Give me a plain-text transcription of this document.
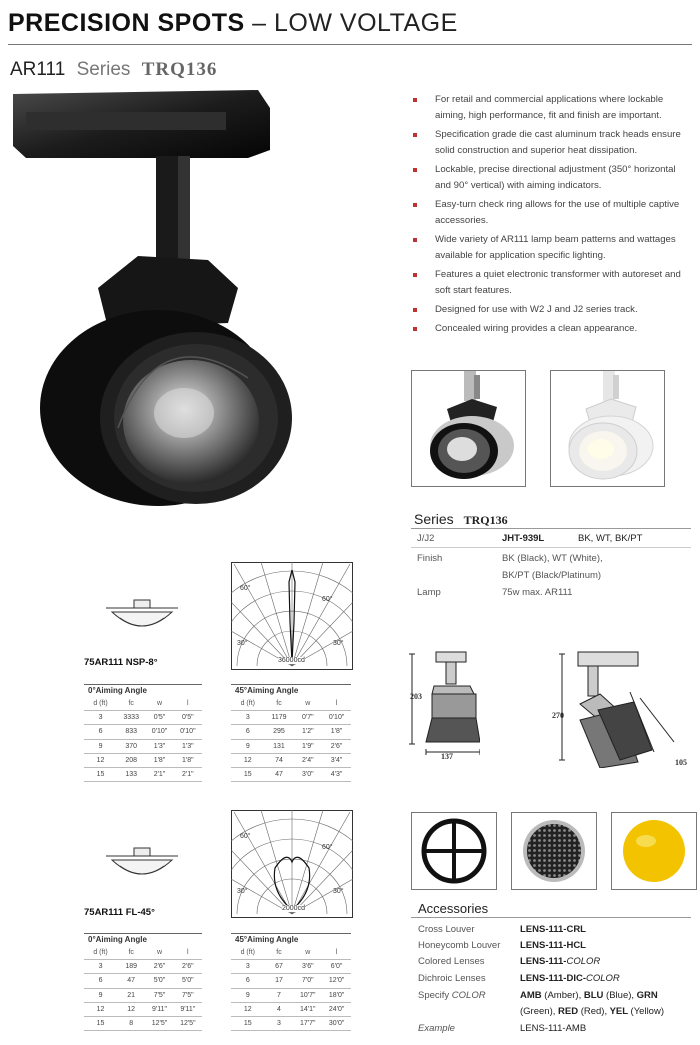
PRECISION SPOTS – LOW VOLTAGE
AR111 Series TRQ136
For retail and commercial applications where lockable aiming, high performance, fit and finish are important.
Specification grade die cast aluminum track heads ensure solid construction and superior heat dissipation.
Lockable, precise directional adjustment (350° horizontal and 90° vertical) with aiming indicators.
Easy-turn check ring allows for the use of multiple captive accessories.
Wide variety of AR111 lamp beam patterns and wattages available for application specific lighting.
Features a quiet electronic transformer with autoreset and soft start features.
Designed for use with W2 J and J2 series track.
Concealed wiring provides a clean appearance.
Series TRQ136
J/J2	JHT-939L	BK, WT, BK/PT
Finish	BK (Black), WT (White),
BK/PT (Black/Platinum)
Lamp	75w max. AR111
203
137
270
105
60°
60°
30°	30°
36000cd
75AR111 NSP-8°
0°Aiming Angle
d (ft)	fc	w	l
3	3333	0'5"	0'5"
6	833	0'10"	0'10"
9	370	1'3"	1'3"
12	208	1'8"	1'8"
15	133	2'1"	2'1"
45°Aiming Angle
d (ft)	fc	w	l
3	1179	0'7"	0'10"
6	295	1'2"	1'8"
9	131	1'9"	2'6"
12	74	2'4"	3'4"
15	47	3'0"	4'3"
60°
60°
30°	30°
2000cd
75AR111 FL-45°
0°Aiming Angle
d (ft)	fc	w	l
3	189	2'6"	2'6"
6	47	5'0"	5'0"
9	21	7'5"	7'5"
12	12	9'11"	9'11"
15	8	12'5"	12'5"
45°Aiming Angle
d (ft)	fc	w	l
3	67	3'6"	6'0"
6	17	7'0"	12'0"
9	7	10'7"	18'0"
12	4	14'1"	24'0"
15	3	17'7"	30'0"
Accessories
Cross Louver	LENS-111-CRL
Honeycomb Louver LENS-111-HCL
Colored Lenses	LENS-111-COLOR
Dichroic Lenses	LENS-111-DIC-COLOR
Specify COLOR	AMB (Amber), BLU (Blue), GRN
(Green), RED (Red), YEL (Yellow)
Example	LENS-111-AMB
